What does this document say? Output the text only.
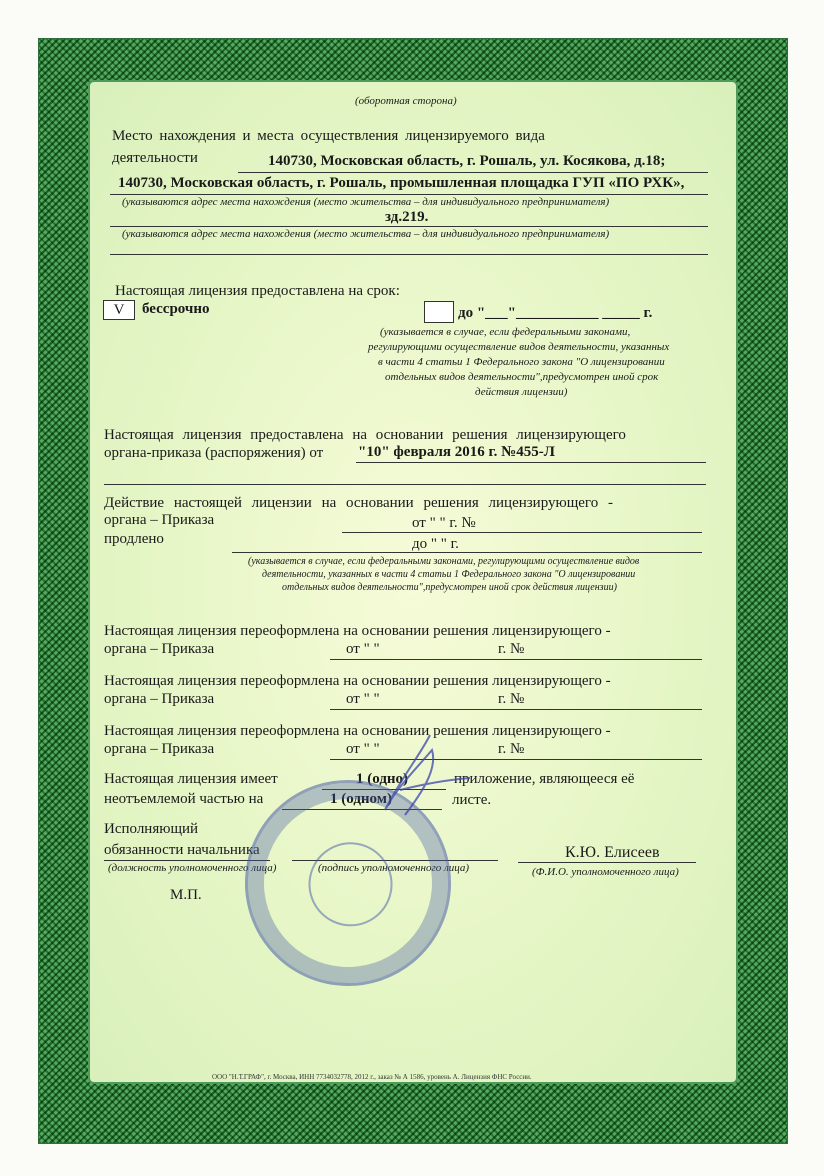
(оборотная сторона)
Место нахождения и места осуществления лицензируемого вида
деятельности	140730, Московская область, г. Рошаль, ул. Косякова, д.18;
140730, Московская область, г. Рошаль, промышленная площадка ГУП «ПО РХК»,
(указываются адрес места нахождения (место жительства – для индивидуального предпринимателя)
зд.219.
(указываются адрес места нахождения (место жительства – для индивидуального предпринимателя)
Настоящая лицензия предоставлена на срок:
V	бессрочно	до "___"___________ _____ г.
(указывается в случае, если федеральными законами,
регулирующими осуществление видов деятельности, указанных
в части 4 статьи 1 Федерального закона "О лицензировании
отдельных видов деятельности",предусмотрен иной срок
действия лицензии)
Настоящая лицензия предоставлена на основании решения лицензирующего
органа-приказа (распоряжения) от "10" февраля 2016 г. №455-Л
Действие настоящей лицензии на основании решения лицензирующего -
органа – Приказа
продлено
от " " г. №
до " " г.
(указывается в случае, если федеральными законами, регулирующими осуществление видов
деятельности, указанных в части 4 статьи 1 Федерального закона "О лицензировании
отдельных видов деятельности",предусмотрен иной срок действия лицензии)
Настоящая лицензия переоформлена на основании решения лицензирующего -
органа – Приказа	от " "	г. №
Настоящая лицензия переоформлена на основании решения лицензирующего -
органа – Приказа	от " "	г. №
Настоящая лицензия переоформлена на основании решения лицензирующего -
органа – Приказа	от " "	г. №
Настоящая лицензия имеет	1 (одно)	приложение, являющееся её
неотъемлемой частью на	1 (одном)	листе.
Исполняющий
обязанности начальника
(должность уполномоченного лица)	(подпись уполномоченного лица)
К.Ю. Елисеев
(Ф.И.О. уполномоченного лица)
М.П.
ООО "Н.Т.ГРАФ", г. Москва, ИНН 7734032778, 2012 г., заказ № А 1586, уровень А. Лицензия ФНС России.
